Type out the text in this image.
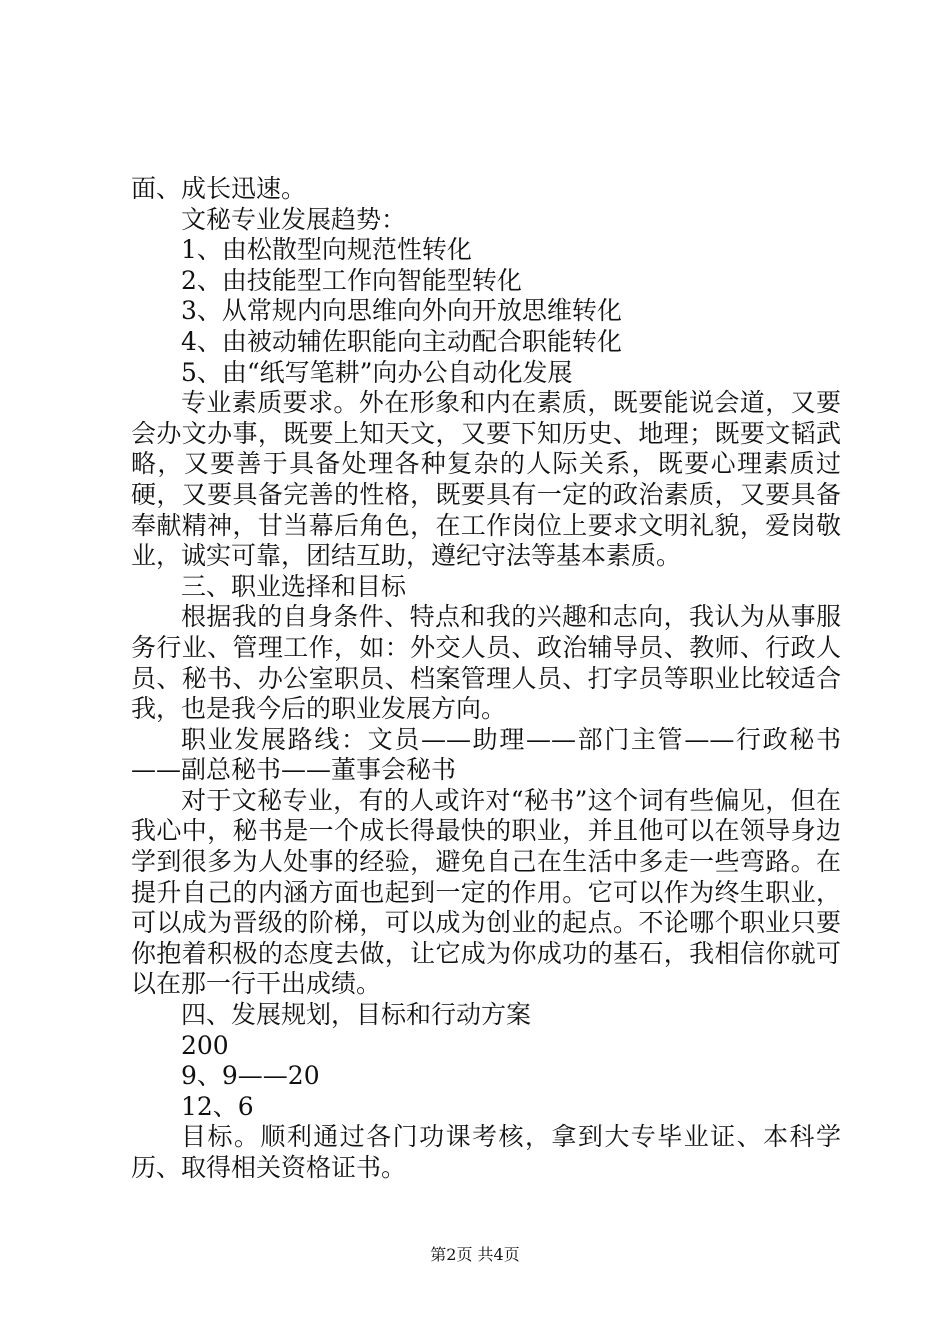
面、成长迅速。

文秘专业发展趋势：

1、由松散型向规范性转化

2、由技能型工作向智能型转化

3、从常规内向思维向外向开放思维转化

4、由被动辅佐职能向主动配合职能转化

5、由“纸写笔耕”向办公自动化发展

专业素质要求。外在形象和内在素质，既要能说会道，又要会办文办事，既要上知天文，又要下知历史、地理；既要文韬武略，又要善于具备处理各种复杂的人际关系，既要心理素质过硬，又要具备完善的性格，既要具有一定的政治素质，又要具备奉献精神，甘当幕后角色，在工作岗位上要求文明礼貌，爱岗敬业，诚实可靠，团结互助，遵纪守法等基本素质。

三、职业选择和目标

根据我的自身条件、特点和我的兴趣和志向，我认为从事服务行业、管理工作，如：外交人员、政治辅导员、教师、行政人员、秘书、办公室职员、档案管理人员、打字员等职业比较适合我，也是我今后的职业发展方向。

职业发展路线：文员——助理——部门主管——行政秘书——副总秘书——董事会秘书

对于文秘专业，有的人或许对“秘书”这个词有些偏见，但在我心中，秘书是一个成长得最快的职业，并且他可以在领导身边学到很多为人处事的经验，避免自己在生活中多走一些弯路。在提升自己的内涵方面也起到一定的作用。它可以作为终生职业，可以成为晋级的阶梯，可以成为创业的起点。不论哪个职业只要你抱着积极的态度去做，让它成为你成功的基石，我相信你就可以在那一行干出成绩。

四、发展规划，目标和行动方案

200

9、9——20

12、6

目标。顺利通过各门功课考核，拿到大专毕业证、本科学历、取得相关资格证书。

第2页 共4页
